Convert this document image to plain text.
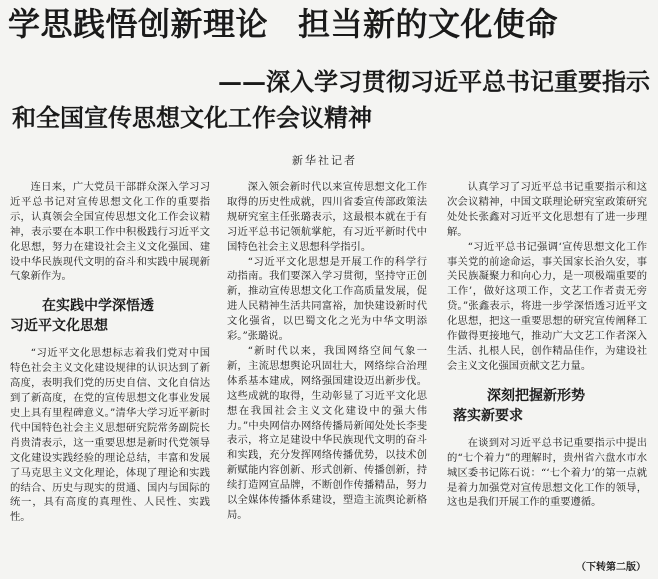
学思践悟创新理论 担当新的文化使命
——深入学习贯彻习近平总书记重要指示
和全国宣传思想文化工作会议精神
新华社记者

连日来，广大党员干部群众深入学习习近平总书记对宣传思想文化工作的重要指示，认真领会全国宣传思想文化工作会议精神，表示要在本职工作中积极践行习近平文化思想，努力在建设社会主义文化强国、建设中华民族现代文明的奋斗和实践中展现新气象新作为。

在实践中学深悟透
习近平文化思想

“习近平文化思想标志着我们党对中国特色社会主义文化建设规律的认识达到了新高度，表明我们党的历史自信、文化自信达到了新高度，在党的宣传思想文化事业发展史上具有里程碑意义。”清华大学习近平新时代中国特色社会主义思想研究院常务副院长肖贵清表示，这一重要思想是新时代党领导文化建设实践经验的理论总结，丰富和发展了马克思主义文化理论，体现了理论和实践的结合、历史与现实的贯通、国内与国际的统一，具有高度的真理性、人民性、实践性。

深入领会新时代以来宣传思想文化工作取得的历史性成就，四川省委宣传部政策法规研究室主任张璐表示，这最根本就在于有习近平总书记领航掌舵，有习近平新时代中国特色社会主义思想科学指引。

“习近平文化思想是开展工作的科学行动指南。我们要深入学习贯彻，坚持守正创新，推动宣传思想文化工作高质量发展，促进人民精神生活共同富裕，加快建设新时代文化强省，以巴蜀文化之光为中华文明添彩。”张璐说。

“新时代以来，我国网络空间气象一新，主流思想舆论巩固壮大，网络综合治理体系基本建成，网络强国建设迈出新步伐。这些成就的取得，生动彰显了习近平文化思想在我国社会主义文化建设中的强大伟力。”中央网信办网络传播局新闻处处长李斐表示，将立足建设中华民族现代文明的奋斗和实践，充分发挥网络传播优势，以技术创新赋能内容创新、形式创新、传播创新，持续打造网宣品牌，不断创作传播精品，努力以全媒体传播体系建设，塑造主流舆论新格局。

认真学习了习近平总书记重要指示和这次会议精神，中国文联理论研究室政策研究处处长张鑫对习近平文化思想有了进一步理解。

“习近平总书记强调‘宣传思想文化工作事关党的前途命运，事关国家长治久安，事关民族凝聚力和向心力，是一项极端重要的工作’，做好这项工作，文艺工作者责无旁贷。”张鑫表示，将进一步学深悟透习近平文化思想，把这一重要思想的研究宣传阐释工作做得更接地气，推动广大文艺工作者深入生活、扎根人民，创作精品佳作，为建设社会主义文化强国贡献文艺力量。

深刻把握新形势
落实新要求

在谈到对习近平总书记重要指示中提出的“七个着力”的理解时，贵州省六盘水市水城区委书记陈石说：“‘七个着力’的第一点就是着力加强党对宣传思想文化工作的领导，这也是我们开展工作的重要遵循。

（下转第二版）
